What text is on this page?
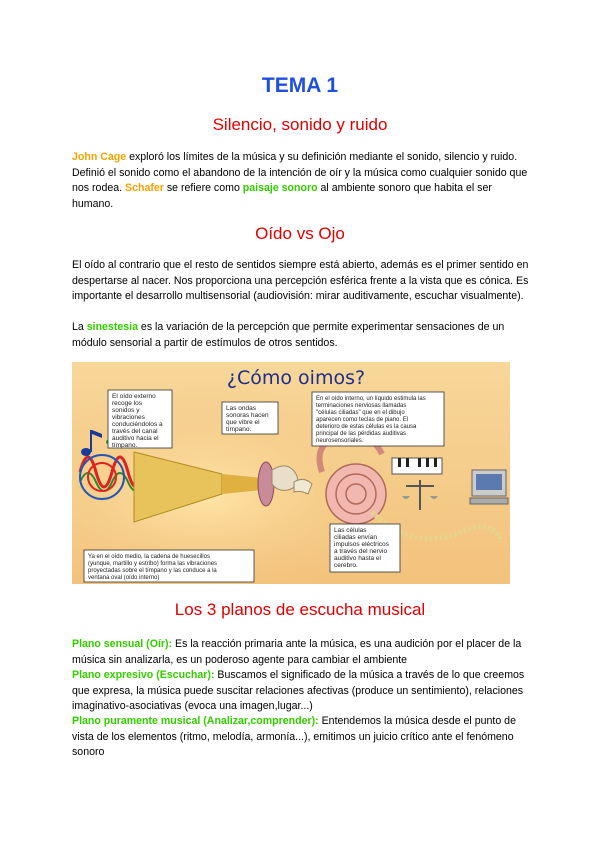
TEMA 1
Silencio, sonido y ruido

John Cage exploró los límites de la música y su definición mediante el sonido, silencio y ruido. Definió el sonido como el abandono de la intención de oír y la música como cualquier sonido que nos rodea. Schafer se refiere como paisaje sonoro al ambiente sonoro que habita el ser humano.

Oído vs Ojo

El oído al contrario que el resto de sentidos siempre está abierto, además es el primer sentido en despertarse al nacer. Nos proporciona una percepción esférica frente a la vista que es cónica. Es importante el desarrollo multisensorial (audiovisión: mirar auditivamente, escuchar visualmente).

La sinestesia es la variación de la percepción que permite experimentar sensaciones de un módulo sensorial a partir de estímulos de otros sentidos.

¿Cómo oimos?
El oído externo recoge los sonidos y vibraciones conduciéndolos a través del canal auditivo hacia el tímpano.
Las ondas sonoras hacen que vibre el tímpano.
En el oído interno, un líquido estimula las terminaciones nerviosas llamadas "células ciliadas" que en el dibujo aparecen como teclas de piano. El deterioro de estas células es la causa principal de las pérdidas auditivas neurosensoriales.
Las células ciliadas envían impulsos eléctricos a través del nervio auditivo hasta el cerebro.
Ya en el oído medio, la cadena de huesecillos (yunque, martillo y estribo) forma las vibraciones proyectadas sobre el tímpano y las conduce a la ventana oval (oído interno)
Los 3 planos de escucha musical

Plano sensual (Oír): Es la reacción primaria ante la música, es una audición por el placer de la música sin analizarla, es un poderoso agente para cambiar el ambiente

Plano expresivo (Escuchar): Buscamos el significado de la música a través de lo que creemos que expresa, la música puede suscitar relaciones afectivas (produce un sentimiento), relaciones imaginativo-asociativas (evoca una imagen,lugar...)

Plano puramente musical (Analizar,comprender): Entendemos la música desde el punto de vista de los elementos (ritmo, melodía, armonía...), emitimos un juicio crítico ante el fenómeno sonoro
